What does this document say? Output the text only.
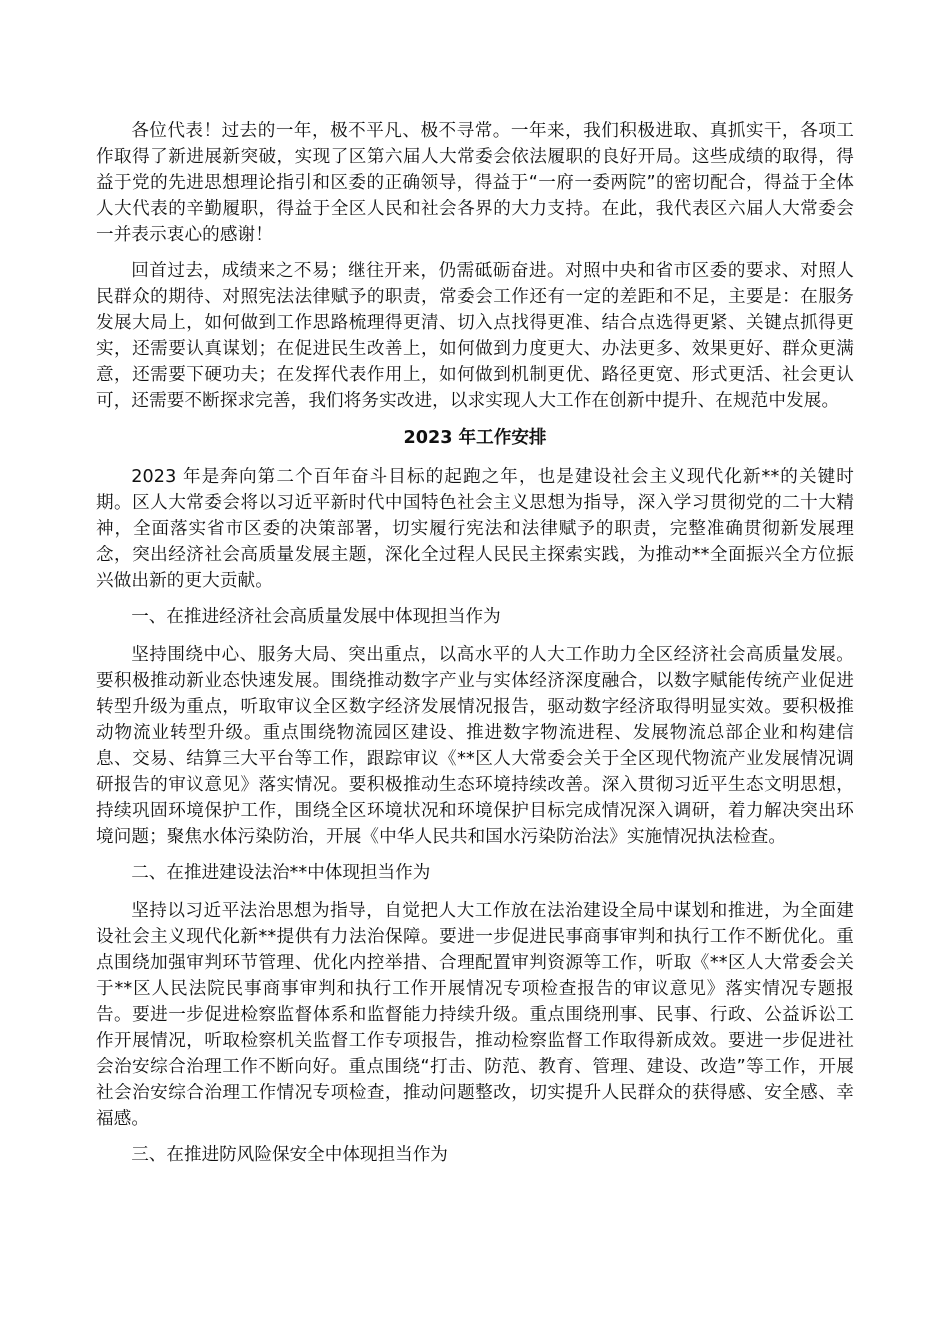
各位代表！过去的一年，极不平凡、极不寻常。一年来，我们积极进取、真抓实干，各项工作取得了新进展新突破，实现了区第六届人大常委会依法履职的良好开局。这些成绩的取得，得益于党的先进思想理论指引和区委的正确领导，得益于“一府一委两院”的密切配合，得益于全体人大代表的辛勤履职，得益于全区人民和社会各界的大力支持。在此，我代表区六届人大常委会一并表示衷心的感谢！

回首过去，成绩来之不易；继往开来，仍需砥砺奋进。对照中央和省市区委的要求、对照人民群众的期待、对照宪法法律赋予的职责，常委会工作还有一定的差距和不足，主要是：在服务发展大局上，如何做到工作思路梳理得更清、切入点找得更准、结合点选得更紧、关键点抓得更实，还需要认真谋划；在促进民生改善上，如何做到力度更大、办法更多、效果更好、群众更满意，还需要下硬功夫；在发挥代表作用上，如何做到机制更优、路径更宽、形式更活、社会更认可，还需要不断探求完善，我们将务实改进，以求实现人大工作在创新中提升、在规范中发展。

2023 年工作安排

2023 年是奔向第二个百年奋斗目标的起跑之年，也是建设社会主义现代化新**的关键时期。区人大常委会将以习近平新时代中国特色社会主义思想为指导，深入学习贯彻党的二十大精神，全面落实省市区委的决策部署，切实履行宪法和法律赋予的职责，完整准确贯彻新发展理念，突出经济社会高质量发展主题，深化全过程人民民主探索实践，为推动**全面振兴全方位振兴做出新的更大贡献。

一、在推进经济社会高质量发展中体现担当作为

坚持围绕中心、服务大局、突出重点，以高水平的人大工作助力全区经济社会高质量发展。要积极推动新业态快速发展。围绕推动数字产业与实体经济深度融合，以数字赋能传统产业促进转型升级为重点，听取审议全区数字经济发展情况报告，驱动数字经济取得明显实效。要积极推动物流业转型升级。重点围绕物流园区建设、推进数字物流进程、发展物流总部企业和构建信息、交易、结算三大平台等工作，跟踪审议《**区人大常委会关于全区现代物流产业发展情况调研报告的审议意见》落实情况。要积极推动生态环境持续改善。深入贯彻习近平生态文明思想，持续巩固环境保护工作，围绕全区环境状况和环境保护目标完成情况深入调研，着力解决突出环境问题；聚焦水体污染防治，开展《中华人民共和国水污染防治法》实施情况执法检查。

二、在推进建设法治**中体现担当作为

坚持以习近平法治思想为指导，自觉把人大工作放在法治建设全局中谋划和推进，为全面建设社会主义现代化新**提供有力法治保障。要进一步促进民事商事审判和执行工作不断优化。重点围绕加强审判环节管理、优化内控举措、合理配置审判资源等工作，听取《**区人大常委会关于**区人民法院民事商事审判和执行工作开展情况专项检查报告的审议意见》落实情况专题报告。要进一步促进检察监督体系和监督能力持续升级。重点围绕刑事、民事、行政、公益诉讼工作开展情况，听取检察机关监督工作专项报告，推动检察监督工作取得新成效。要进一步促进社会治安综合治理工作不断向好。重点围绕“打击、防范、教育、管理、建设、改造”等工作，开展社会治安综合治理工作情况专项检查，推动问题整改，切实提升人民群众的获得感、安全感、幸福感。

三、在推进防风险保安全中体现担当作为
